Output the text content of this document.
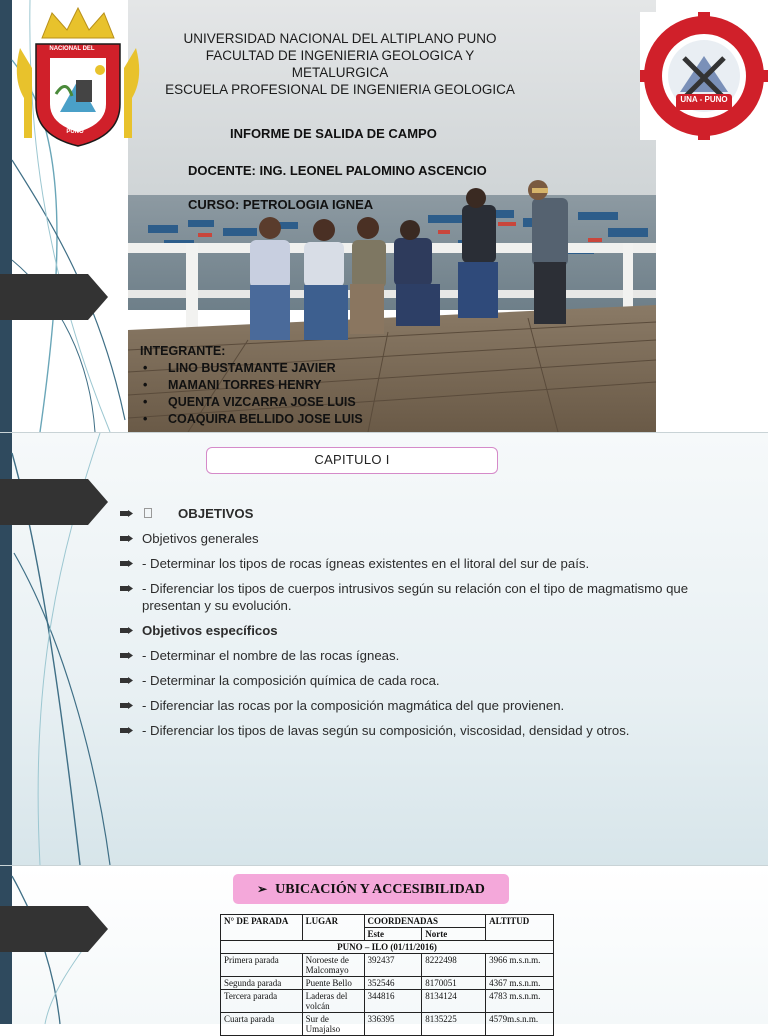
NACIONAL DEL
PUNO
UNA - PUNO
UNIVERSIDAD NACIONAL DEL ALTIPLANO PUNO
FACULTAD DE INGENIERIA GEOLOGICA Y
METALURGICA
ESCUELA PROFESIONAL DE INGENIERIA GEOLOGICA
INFORME DE SALIDA DE CAMPO
DOCENTE: ING. LEONEL PALOMINO ASCENCIO
CURSO: PETROLOGIA IGNEA
INTEGRANTE:
• LINO BUSTAMANTE JAVIER
• MAMANI TORRES HENRY
• QUENTA VIZCARRA JOSE LUIS
• COAQUIRA BELLIDO JOSE LUIS
CAPITULO I
OBJETIVOS
Objetivos generales
- Determinar los tipos de rocas ígneas existentes en el litoral del sur de país.
- Diferenciar los tipos de cuerpos intrusivos según su relación con el tipo de magmatismo que presentan y su evolución.
Objetivos específicos
- Determinar el nombre de las rocas ígneas.
- Determinar la composición química de cada roca.
- Diferenciar las rocas por la composición magmática del que provienen.
- Diferenciar los tipos de lavas según su composición, viscosidad, densidad y otros.
➢ UBICACIÓN Y ACCESIBILIDAD
N° DE PARADA	LUGAR	COORDENADAS		ALTITUD
		Este	Norte	
PUNO – ILO (01/11/2016)				
Primera parada	Noroeste de Malcomayo	392437	8222498	3966 m.s.n.m.
Segunda parada	Puente Bello	352546	8170051	4367 m.s.n.m.
Tercera parada	Laderas del volcán	344816	8134124	4783 m.s.n.m.
Cuarta parada	Sur de Umajalso	336395	8135225	4579m.s.n.m.
